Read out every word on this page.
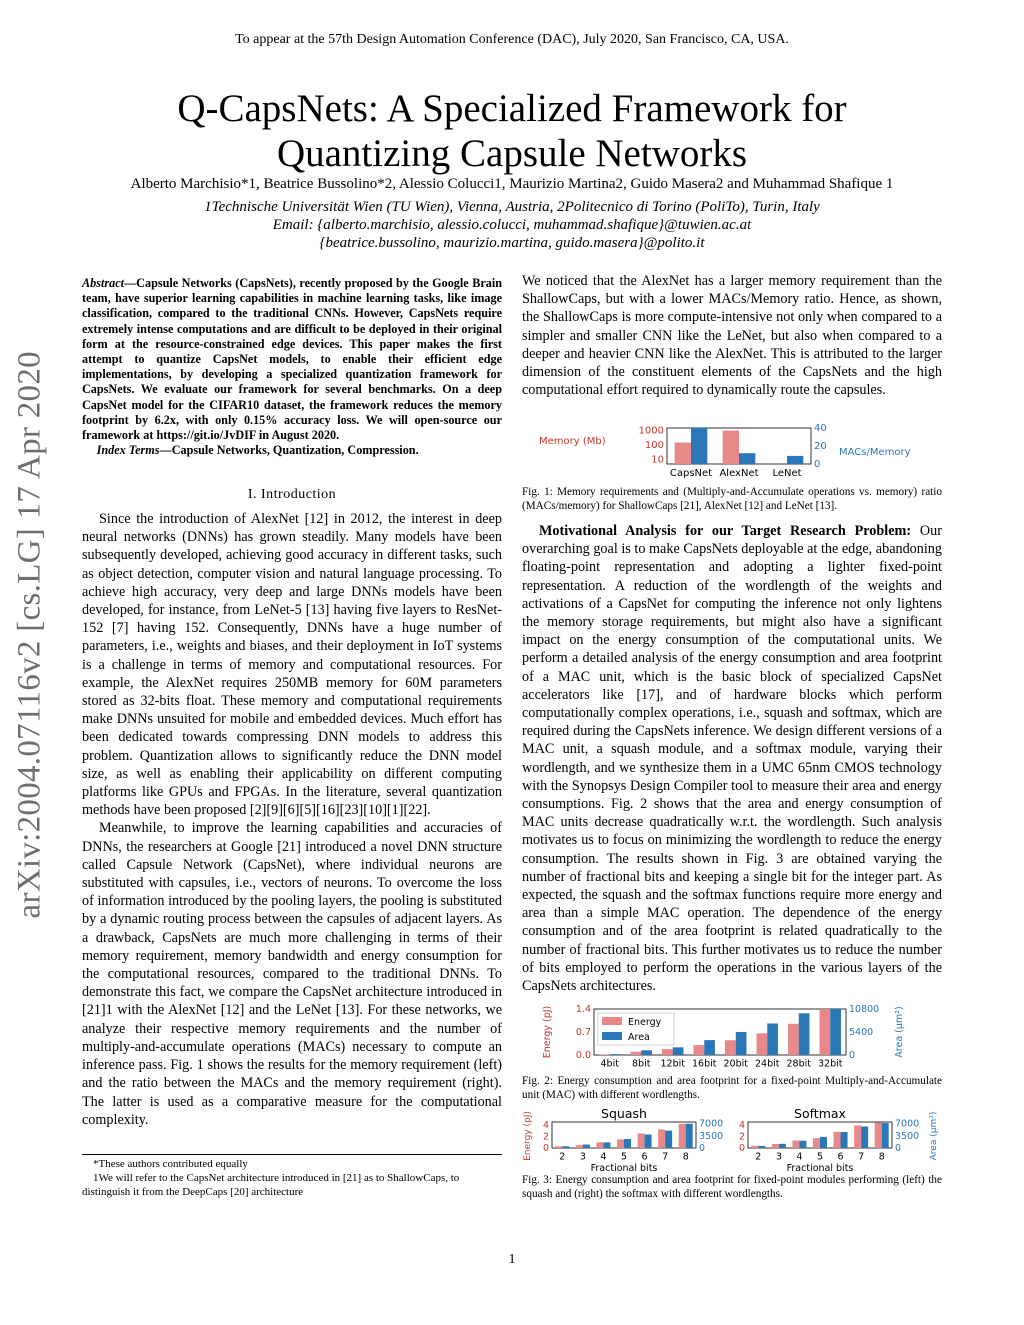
To appear at the 57th Design Automation Conference (DAC), July 2020, San Francisco, CA, USA.
Q-CapsNets: A Specialized Framework for
Quantizing Capsule Networks
Alberto Marchisio*1, Beatrice Bussolino*2, Alessio Colucci1, Maurizio Martina2, Guido Masera2 and Muhammad Shafique 1
1Technische Universität Wien (TU Wien), Vienna, Austria, 2Politecnico di Torino (PoliTo), Turin, Italy
Email: {alberto.marchisio, alessio.colucci, muhammad.shafique}@tuwien.ac.at
{beatrice.bussolino, maurizio.martina, guido.masera}@polito.it
arXiv:2004.07116v2 [cs.LG] 17 Apr 2020
Abstract—Capsule Networks (CapsNets), recently proposed by the Google Brain team, have superior learning capabilities in machine learning tasks, like image classification, compared to the traditional CNNs. However, CapsNets require extremely intense computations and are difficult to be deployed in their original form at the resource-constrained edge devices. This paper makes the first attempt to quantize CapsNet models, to enable their efficient edge implementations, by developing a specialized quantization framework for CapsNets. We evaluate our framework for several benchmarks. On a deep CapsNet model for the CIFAR10 dataset, the framework reduces the memory footprint by 6.2x, with only 0.15% accuracy loss. We will open-source our framework at https://git.io/JvDIF in August 2020.
Index Terms—Capsule Networks, Quantization, Compression.
I. Introduction

Since the introduction of AlexNet [12] in 2012, the interest in deep neural networks (DNNs) has grown steadily. Many models have been subsequently developed, achieving good accuracy in different tasks, such as object detection, computer vision and natural language processing. To achieve high accuracy, very deep and large DNNs models have been developed, for instance, from LeNet-5 [13] having five layers to ResNet-152 [7] having 152. Consequently, DNNs have a huge number of parameters, i.e., weights and biases, and their deployment in IoT systems is a challenge in terms of memory and computational resources. For example, the AlexNet requires 250MB memory for 60M parameters stored as 32-bits float. These memory and computational requirements make DNNs unsuited for mobile and embedded devices. Much effort has been dedicated towards compressing DNN models to address this problem. Quantization allows to significantly reduce the DNN model size, as well as enabling their applicability on different computing platforms like GPUs and FPGAs. In the literature, several quantization methods have been proposed [2][9][6][5][16][23][10][1][22].

Meanwhile, to improve the learning capabilities and accuracies of DNNs, the researchers at Google [21] introduced a novel DNN structure called Capsule Network (CapsNet), where individual neurons are substituted with capsules, i.e., vectors of neurons. To overcome the loss of information introduced by the pooling layers, the pooling is substituted by a dynamic routing process between the capsules of adjacent layers. As a drawback, CapsNets are much more challenging in terms of their memory requirement, memory bandwidth and energy consumption for the computational resources, compared to the traditional DNNs. To demonstrate this fact, we compare the CapsNet architecture introduced in [21]1 with the AlexNet [12] and the LeNet [13]. For these networks, we analyze their respective memory requirements and the number of multiply-and-accumulate operations (MACs) necessary to compute an inference pass. Fig. 1 shows the results for the memory requirement (left) and the ratio between the MACs and the memory requirement (right). The latter is used as a comparative measure for the computational complexity.

*These authors contributed equally
1We will refer to the CapsNet architecture introduced in [21] as to ShallowCaps, to distinguish it from the DeepCaps [20] architecture

We noticed that the AlexNet has a larger memory requirement than the ShallowCaps, but with a lower MACs/Memory ratio. Hence, as shown, the ShallowCaps is more compute-intensive not only when compared to a simpler and smaller CNN like the LeNet, but also when compared to a deeper and heavier CNN like the AlexNet. This is attributed to the larger dimension of the constituent elements of the CapsNets and the high computational effort required to dynamically route the capsules.

CapsNet AlexNet LeNet
10
100
1000
0
20
40
Memory (Mb)
MACs/Memory
Fig. 1: Memory requirements and (Multiply-and-Accumulate operations vs. memory) ratio (MACs/memory) for ShallowCaps [21], AlexNet [12] and LeNet [13].

Motivational Analysis for our Target Research Problem: Our overarching goal is to make CapsNets deployable at the edge, abandoning floating-point representation and adopting a lighter fixed-point representation. A reduction of the wordlength of the weights and activations of a CapsNet for computing the inference not only lightens the memory storage requirements, but might also have a significant impact on the energy consumption of the computational units. We perform a detailed analysis of the energy consumption and area footprint of a MAC unit, which is the basic block of specialized CapsNet accelerators like [17], and of hardware blocks which perform computationally complex operations, i.e., squash and softmax, which are required during the CapsNets inference. We design different versions of a MAC unit, a squash module, and a softmax module, varying their wordlength, and we synthesize them in a UMC 65nm CMOS technology with the Synopsys Design Compiler tool to measure their area and energy consumptions. Fig. 2 shows that the area and energy consumption of MAC units decrease quadratically w.r.t. the wordlength. Such analysis motivates us to focus on minimizing the wordlength to reduce the energy consumption. The results shown in Fig. 3 are obtained varying the number of fractional bits and keeping a single bit for the integer part. As expected, the squash and the softmax functions require more energy and area than a simple MAC operation. The dependence of the energy consumption and of the area footprint is related quadratically to the number of fractional bits. This further motivates us to reduce the number of bits employed to perform the operations in the various layers of the CapsNets architectures.

4bit 8bit 12bit 16bit 20bit 24bit 28bit 32bit
0.0
0.7
1.4
0
5400
10800
Energy (pJ)	Area (μm²)
Energy
Area
Fig. 2: Energy consumption and area footprint for a fixed-point Multiply-and-Accumulate unit (MAC) with different wordlengths.
2 3 4 5 6 7 8
0
2
4
0
3500
7000
Fractional bits
Squash
2 3 4 5 6 7 8
0
2
4
0
3500
7000
Fractional bits
Softmax
Energy (pJ)	Area (μm²)
Fig. 3: Energy consumption and area footprint for fixed-point modules performing (left) the squash and (right) the softmax with different wordlengths.
1
